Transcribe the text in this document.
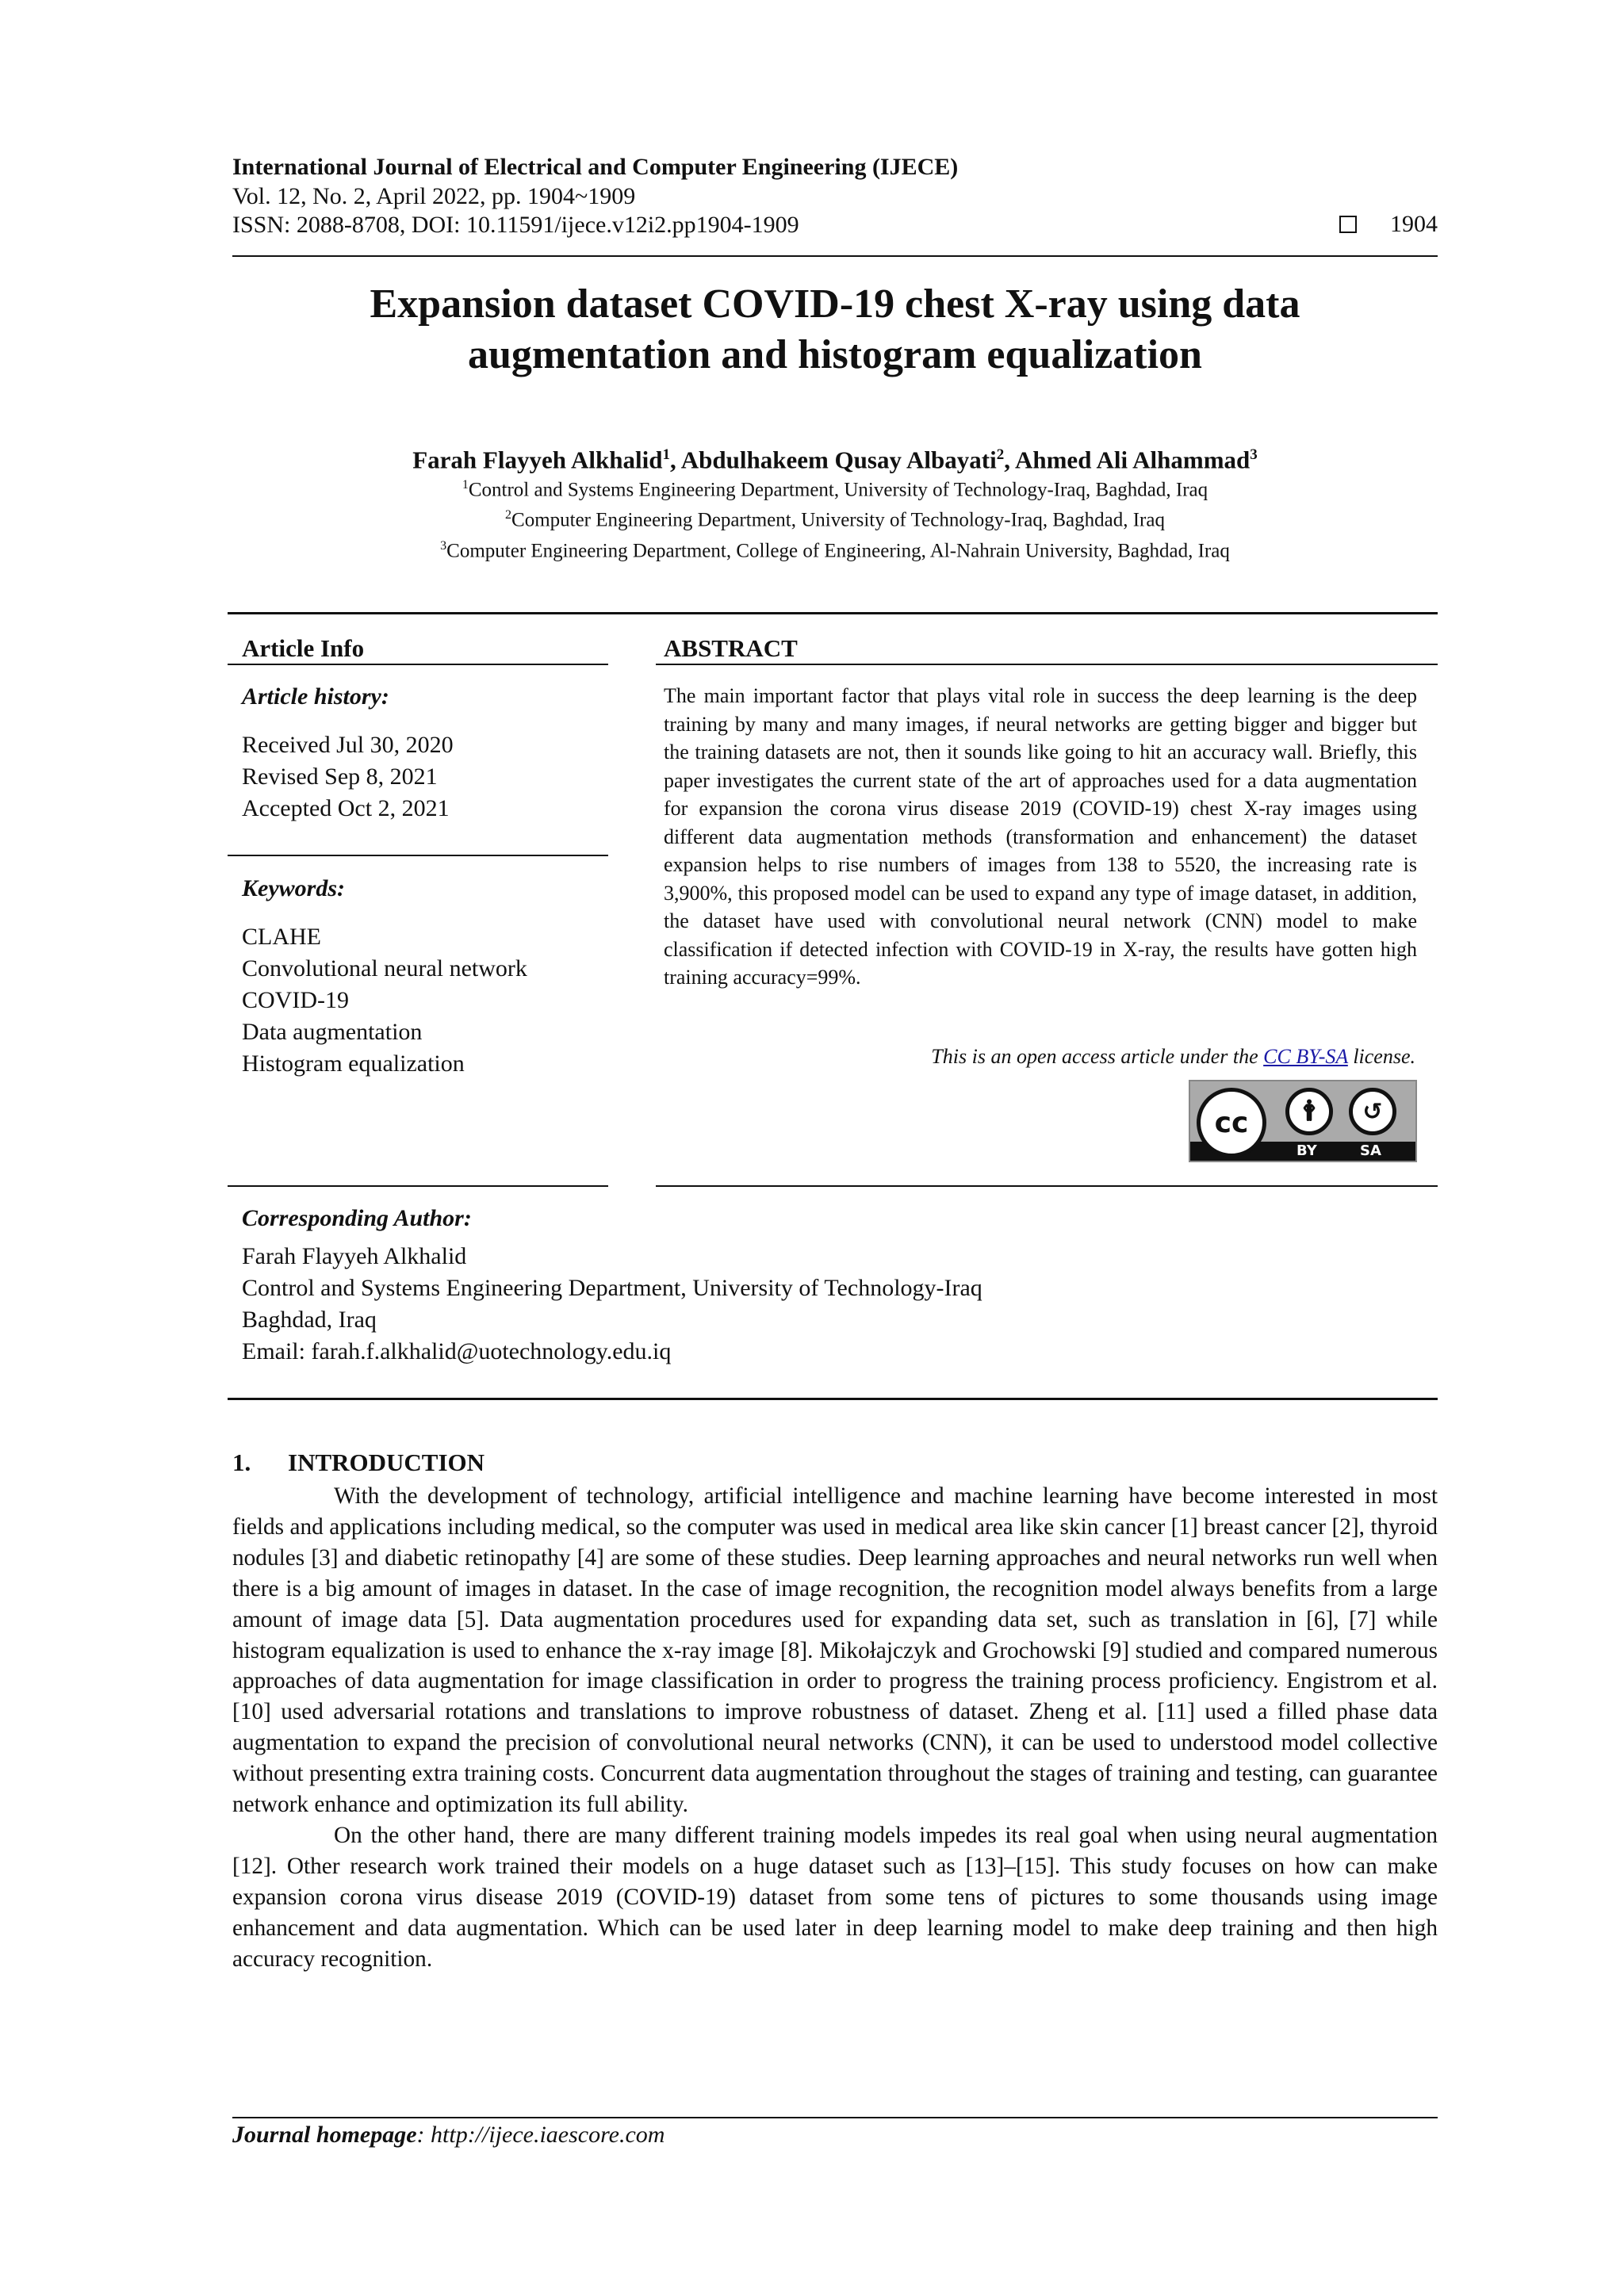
International Journal of Electrical and Computer Engineering (IJECE)
Vol. 12, No. 2, April 2022, pp. 1904~1909
ISSN: 2088-8708, DOI: 10.11591/ijece.v12i2.pp1904-1909	1904
Expansion dataset COVID-19 chest X-ray using data
augmentation and histogram equalization
Farah Flayyeh Alkhalid$^1$, Abdulhakeem Qusay Albayati$^2$, Ahmed Ali Alhammad$^3$
$^1$Control and Systems Engineering Department, University of Technology-Iraq, Baghdad, Iraq
$^2$Computer Engineering Department, University of Technology-Iraq, Baghdad, Iraq
$^3$Computer Engineering Department, College of Engineering, Al-Nahrain University, Baghdad, Iraq
Article Info
Article history:
Received Jul 30, 2020
Revised Sep 8, 2021
Accepted Oct 2, 2021
Keywords:
CLAHE
Convolutional neural network
COVID-19
Data augmentation
Histogram equalization
ABSTRACT
The main important factor that plays vital role in success the deep learning is the deep training by many and many images, if neural networks are getting bigger and bigger but the training datasets are not, then it sounds like going to hit an accuracy wall. Briefly, this paper investigates the current state of the art of approaches used for a data augmentation for expansion the corona virus disease 2019 (COVID-19) chest X-ray images using different data augmentation methods (transformation and enhancement) the dataset expansion helps to rise numbers of images from 138 to 5520, the increasing rate is 3,900%, this proposed model can be used to expand any type of image dataset, in addition, the dataset have used with convolutional neural network (CNN) model to make classification if detected infection with COVID-19 in X-ray, the results have gotten high training accuracy=99%.
This is an open access article under the CC BY-SA license.
cc	🛉	↺
BY	SA
Corresponding Author:
Farah Flayyeh Alkhalid
Control and Systems Engineering Department, University of Technology-Iraq
Baghdad, Iraq
Email: farah.f.alkhalid@uotechnology.edu.iq
1. INTRODUCTION

With the development of technology, artificial intelligence and machine learning have become interested in most fields and applications including medical, so the computer was used in medical area like skin cancer [1] breast cancer [2], thyroid nodules [3] and diabetic retinopathy [4] are some of these studies. Deep learning approaches and neural networks run well when there is a big amount of images in dataset. In the case of image recognition, the recognition model always benefits from a large amount of image data [5]. Data augmentation procedures used for expanding data set, such as translation in [6], [7] while histogram equalization is used to enhance the x-ray image [8]. Mikołajczyk and Grochowski [9] studied and compared numerous approaches of data augmentation for image classification in order to progress the training process proficiency. Engistrom et al. [10] used adversarial rotations and translations to improve robustness of dataset. Zheng et al. [11] used a filled phase data augmentation to expand the precision of convolutional neural networks (CNN), it can be used to understood model collective without presenting extra training costs. Concurrent data augmentation throughout the stages of training and testing, can guarantee network enhance and optimization its full ability.

On the other hand, there are many different training models impedes its real goal when using neural augmentation [12]. Other research work trained their models on a huge dataset such as [13]–[15]. This study focuses on how can make expansion corona virus disease 2019 (COVID-19) dataset from some tens of pictures to some thousands using image enhancement and data augmentation. Which can be used later in deep learning model to make deep training and then high accuracy recognition.

Journal homepage: http://ijece.iaescore.com
